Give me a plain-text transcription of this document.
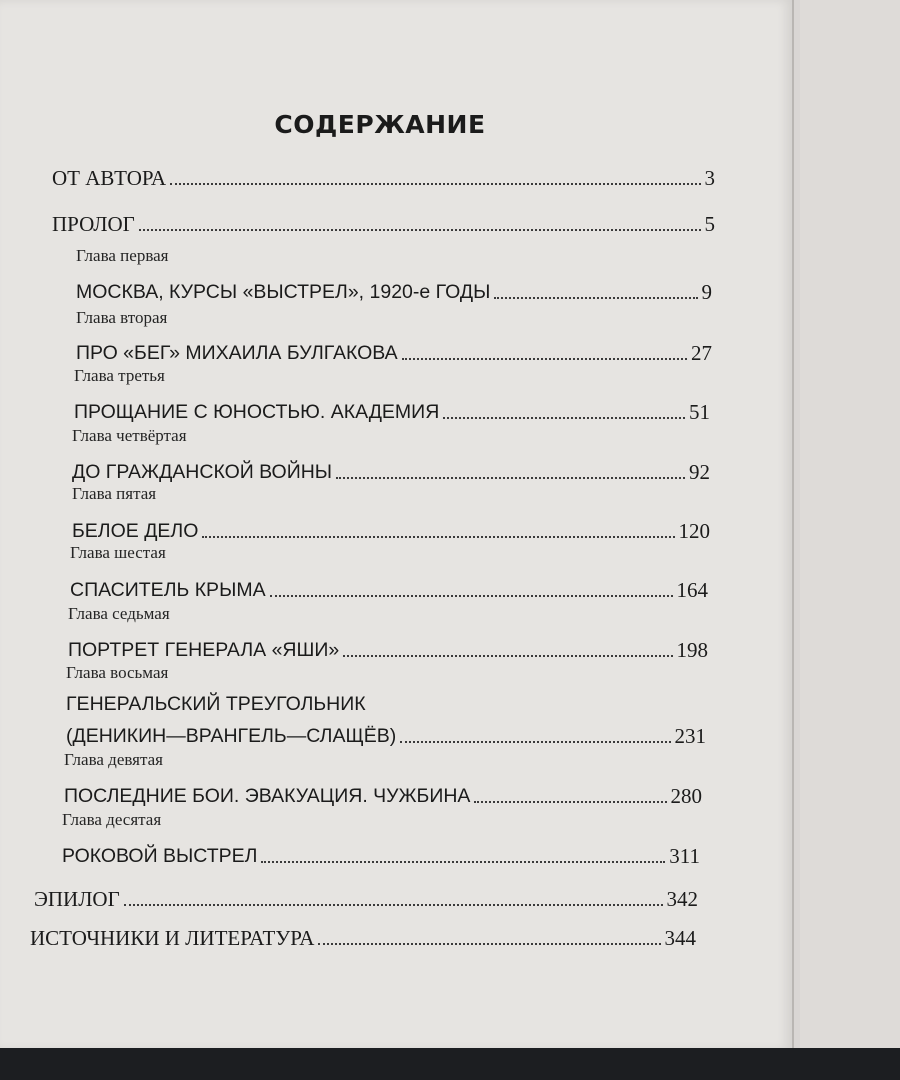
СОДЕРЖАНИЕ
ОТ АВТОРА	3
ПРОЛОГ	5
Глава первая
МОСКВА, КУРСЫ «ВЫСТРЕЛ», 1920-е ГОДЫ	9
Глава вторая
ПРО «БЕГ» МИХАИЛА БУЛГАКОВА	27
Глава третья
ПРОЩАНИЕ С ЮНОСТЬЮ. АКАДЕМИЯ	51
Глава четвёртая
ДО ГРАЖДАНСКОЙ ВОЙНЫ	92
Глава пятая
БЕЛОЕ ДЕЛО	120
Глава шестая
СПАСИТЕЛЬ КРЫМА	164
Глава седьмая
ПОРТРЕТ ГЕНЕРАЛА «ЯШИ»	198
Глава восьмая
ГЕНЕРАЛЬСКИЙ ТРЕУГОЛЬНИК
(ДЕНИКИН—ВРАНГЕЛЬ—СЛАЩЁВ)	231
Глава девятая
ПОСЛЕДНИЕ БОИ. ЭВАКУАЦИЯ. ЧУЖБИНА	280
Глава десятая
РОКОВОЙ ВЫСТРЕЛ	311
ЭПИЛОГ	342
ИСТОЧНИКИ И ЛИТЕРАТУРА	344
